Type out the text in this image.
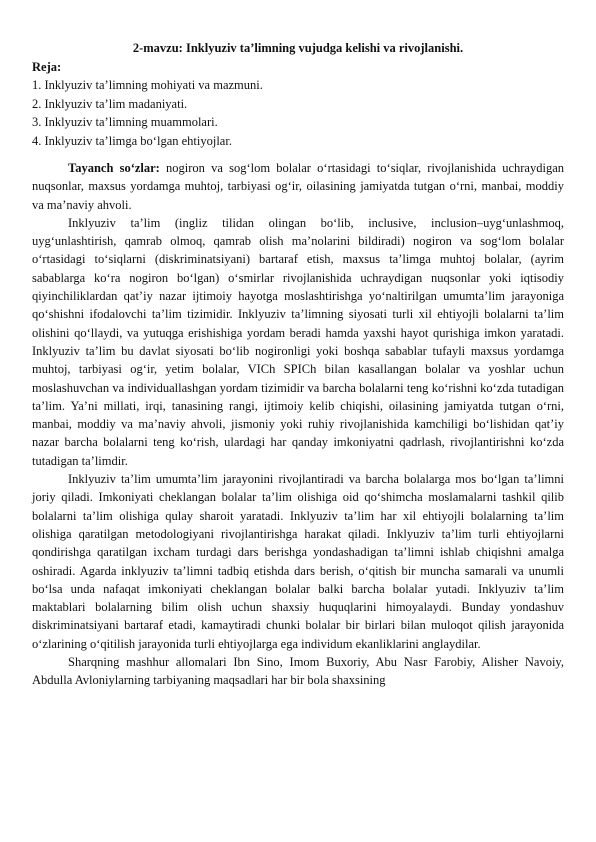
2-mavzu: Inklyuziv ta’limning vujudga kelishi va rivojlanishi.

Reja:

1. Inklyuziv ta’limning mohiyati va mazmuni.

2. Inklyuziv ta’lim madaniyati.

3. Inklyuziv ta’limning muammolari.

4. Inklyuziv ta’limga bo‘lgan ehtiyojlar.

Tayanch so‘zlar: nogiron va sog‘lom bolalar o‘rtasidagi to‘siqlar, rivojlanishida uchraydigan nuqsonlar, maxsus yordamga muhtoj, tarbiyasi og‘ir, oilasining jamiyatda tutgan o‘rni, manbai, moddiy va ma’naviy ahvoli.

Inklyuziv ta’lim (ingliz tilidan olingan bo‘lib, inclusive, inclusion–uyg‘unlashmoq, uyg‘unlashtirish, qamrab olmoq, qamrab olish ma’nolarini bildiradi) nogiron va sog‘lom bolalar o‘rtasidagi to‘siqlarni (diskriminatsiyani) bartaraf etish, maxsus ta’limga muhtoj bolalar, (ayrim sabablarga ko‘ra nogiron bo‘lgan) o‘smirlar rivojlanishida uchraydigan nuqsonlar yoki iqtisodiy qiyinchiliklardan qat’iy nazar ijtimoiy hayotga moslashtirishga yo‘naltirilgan umumta’lim jarayoniga qo‘shishni ifodalovchi ta’lim tizimidir. Inklyuziv ta’limning siyosati turli xil ehtiyojli bolalarni ta’lim olishini qo‘llaydi, va yutuqga erishishiga yordam beradi hamda yaxshi hayot qurishiga imkon yaratadi. Inklyuziv ta’lim bu davlat siyosati bo‘lib nogironligi yoki boshqa sabablar tufayli maxsus yordamga muhtoj, tarbiyasi og‘ir, yetim bolalar, VICh SPICh bilan kasallangan bolalar va yoshlar uchun moslashuvchan va individuallashgan yordam tizimidir va barcha bolalarni teng ko‘rishni ko‘zda tutadigan ta’lim. Ya’ni millati, irqi, tanasining rangi, ijtimoiy kelib chiqishi, oilasining jamiyatda tutgan o‘rni, manbai, moddiy va ma’naviy ahvoli, jismoniy yoki ruhiy rivojlanishida kamchiligi bo‘lishidan qat’iy nazar barcha bolalarni teng ko‘rish, ulardagi har qanday imkoniyatni qadrlash, rivojlantirishni ko‘zda tutadigan ta’limdir.

Inklyuziv ta’lim umumta’lim jarayonini rivojlantiradi va barcha bolalarga mos bo‘lgan ta’limni joriy qiladi. Imkoniyati cheklangan bolalar ta’lim olishiga oid qo‘shimcha moslamalarni tashkil qilib bolalarni ta’lim olishiga qulay sharoit yaratadi. Inklyuziv ta’lim har xil ehtiyojli bolalarning ta’lim olishiga qaratilgan metodologiyani rivojlantirishga harakat qiladi. Inklyuziv ta’lim turli ehtiyojlarni qondirishga qaratilgan ixcham turdagi dars berishga yondashadigan ta’limni ishlab chiqishni amalga oshiradi. Agarda inklyuziv ta’limni tadbiq etishda dars berish, o‘qitish bir muncha samarali va unumli bo‘lsa unda nafaqat imkoniyati cheklangan bolalar balki barcha bolalar yutadi. Inklyuziv ta’lim maktablari bolalarning bilim olish uchun shaxsiy huquqlarini himoyalaydi. Bunday yondashuv diskriminatsiyani bartaraf etadi, kamaytiradi chunki bolalar bir birlari bilan muloqot qilish jarayonida o‘zlarining o‘qitilish jarayonida turli ehtiyojlarga ega individum ekanliklarini anglaydilar.

Sharqning mashhur allomalari Ibn Sino, Imom Buxoriy, Abu Nasr Farobiy, Alisher Navoiy, Abdulla Avloniylarning tarbiyaning maqsadlari har bir bola shaxsining
